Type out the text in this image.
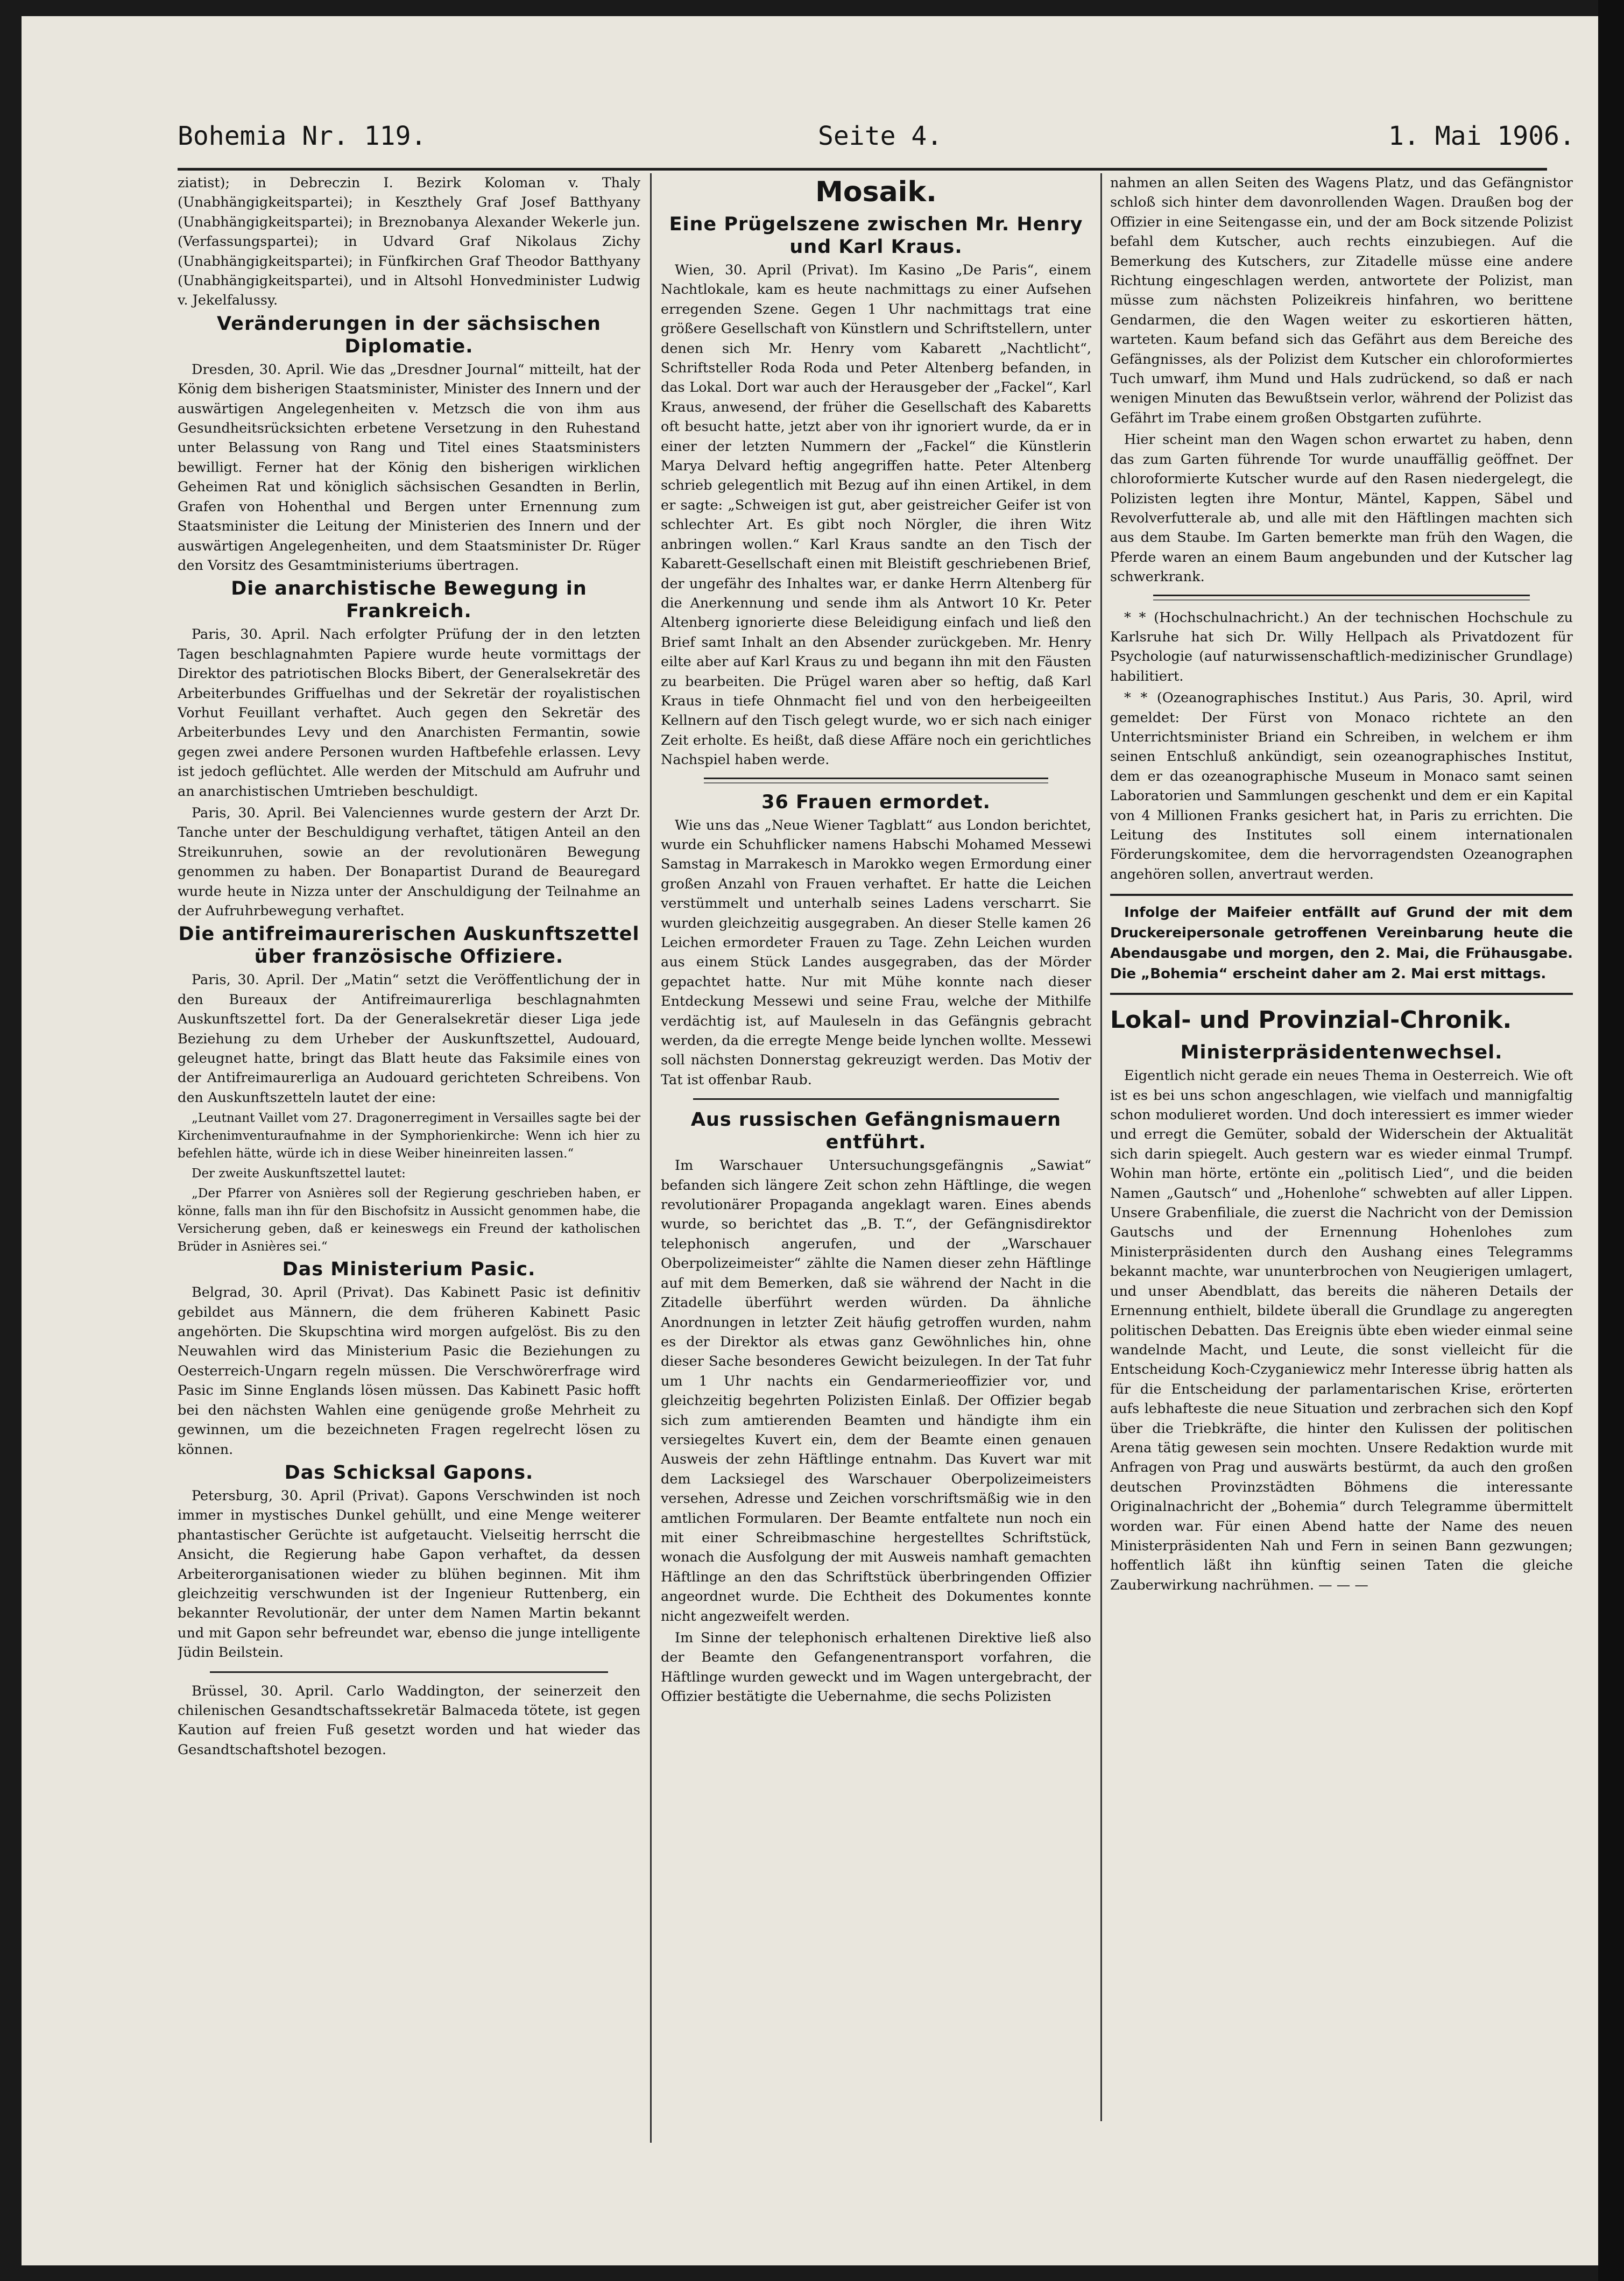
Bohemia Nr. 119.	Seite 4.	1. Mai 1906.

ziatist); in Debreczin I. Bezirk Koloman v. Thaly (Unabhängigkeitspartei); in Keszthely Graf Josef Batthyany (Unabhängigkeitspartei); in Breznobanya Alexander Wekerle jun. (Verfassungspartei); in Udvard Graf Nikolaus Zichy (Unabhängigkeitspartei); in Fünfkirchen Graf Theodor Batthyany (Unabhängigkeitspartei), und in Altsohl Honvedminister Ludwig v. Jekelfalussy.

Veränderungen in der sächsischen Diplomatie.

Dresden, 30. April. Wie das „Dresdner Journal“ mitteilt, hat der König dem bisherigen Staatsminister, Minister des Innern und der auswärtigen Angelegenheiten v. Metzsch die von ihm aus Gesundheitsrücksichten erbetene Versetzung in den Ruhestand unter Belassung von Rang und Titel eines Staatsministers bewilligt. Ferner hat der König den bisherigen wirklichen Geheimen Rat und königlich sächsischen Gesandten in Berlin, Grafen von Hohenthal und Bergen unter Ernennung zum Staatsminister die Leitung der Ministerien des Innern und der auswärtigen Angelegenheiten, und dem Staatsminister Dr. Rüger den Vorsitz des Gesamtministeriums übertragen.

Die anarchistische Bewegung in Frankreich.

Paris, 30. April. Nach erfolgter Prüfung der in den letzten Tagen beschlagnahmten Papiere wurde heute vormittags der Direktor des patriotischen Blocks Bibert, der Generalsekretär des Arbeiterbundes Griffuelhas und der Sekretär der royalistischen Vorhut Feuillant verhaftet. Auch gegen den Sekretär des Arbeiterbundes Levy und den Anarchisten Fermantin, sowie gegen zwei andere Personen wurden Haftbefehle erlassen. Levy ist jedoch geflüchtet. Alle werden der Mitschuld am Aufruhr und an anarchistischen Umtrieben beschuldigt.

Paris, 30. April. Bei Valenciennes wurde gestern der Arzt Dr. Tanche unter der Beschuldigung verhaftet, tätigen Anteil an den Streikunruhen, sowie an der revolutionären Bewegung genommen zu haben. Der Bonapartist Durand de Beauregard wurde heute in Nizza unter der Anschuldigung der Teilnahme an der Aufruhrbewegung verhaftet.

Die antifreimaurerischen Auskunftszettel über französische Offiziere.

Paris, 30. April. Der „Matin“ setzt die Veröffentlichung der in den Bureaux der Antifreimaurerliga beschlagnahmten Auskunftszettel fort. Da der Generalsekretär dieser Liga jede Beziehung zu dem Urheber der Auskunftszettel, Audouard, geleugnet hatte, bringt das Blatt heute das Faksimile eines von der Antifreimaurerliga an Audouard gerichteten Schreibens. Von den Auskunftszetteln lautet der eine:

„Leutnant Vaillet vom 27. Dragonerregiment in Versailles sagte bei der Kirchenimventuraufnahme in der Symphorienkirche: Wenn ich hier zu befehlen hätte, würde ich in diese Weiber hineinreiten lassen.“

Der zweite Auskunftszettel lautet:

„Der Pfarrer von Asnières soll der Regierung geschrieben haben, er könne, falls man ihn für den Bischofsitz in Aussicht genommen habe, die Versicherung geben, daß er keineswegs ein Freund der katholischen Brüder in Asnières sei.“

Das Ministerium Pasic.

Belgrad, 30. April (Privat). Das Kabinett Pasic ist definitiv gebildet aus Männern, die dem früheren Kabinett Pasic angehörten. Die Skupschtina wird morgen aufgelöst. Bis zu den Neuwahlen wird das Ministerium Pasic die Beziehungen zu Oesterreich-Ungarn regeln müssen. Die Verschwörerfrage wird Pasic im Sinne Englands lösen müssen. Das Kabinett Pasic hofft bei den nächsten Wahlen eine genügende große Mehrheit zu gewinnen, um die bezeichneten Fragen regelrecht lösen zu können.

Das Schicksal Gapons.

Petersburg, 30. April (Privat). Gapons Verschwinden ist noch immer in mystisches Dunkel gehüllt, und eine Menge weiterer phantastischer Gerüchte ist aufgetaucht. Vielseitig herrscht die Ansicht, die Regierung habe Gapon verhaftet, da dessen Arbeiterorganisationen wieder zu blühen beginnen. Mit ihm gleichzeitig verschwunden ist der Ingenieur Ruttenberg, ein bekannter Revolutionär, der unter dem Namen Martin bekannt und mit Gapon sehr befreundet war, ebenso die junge intelligente Jüdin Beilstein.

Brüssel, 30. April. Carlo Waddington, der seinerzeit den chilenischen Gesandtschaftssekretär Balmaceda tötete, ist gegen Kaution auf freien Fuß gesetzt worden und hat wieder das Gesandtschaftshotel bezogen.

Mosaik.
Eine Prügelszene zwischen Mr. Henry und Karl Kraus.

Wien, 30. April (Privat). Im Kasino „De Paris“, einem Nachtlokale, kam es heute nachmittags zu einer Aufsehen erregenden Szene. Gegen 1 Uhr nachmittags trat eine größere Gesellschaft von Künstlern und Schriftstellern, unter denen sich Mr. Henry vom Kabarett „Nachtlicht“, Schriftsteller Roda Roda und Peter Altenberg befanden, in das Lokal. Dort war auch der Herausgeber der „Fackel“, Karl Kraus, anwesend, der früher die Gesellschaft des Kabaretts oft besucht hatte, jetzt aber von ihr ignoriert wurde, da er in einer der letzten Nummern der „Fackel“ die Künstlerin Marya Delvard heftig angegriffen hatte. Peter Altenberg schrieb gelegentlich mit Bezug auf ihn einen Artikel, in dem er sagte: „Schweigen ist gut, aber geistreicher Geifer ist von schlechter Art. Es gibt noch Nörgler, die ihren Witz anbringen wollen.“ Karl Kraus sandte an den Tisch der Kabarett-Gesellschaft einen mit Bleistift geschriebenen Brief, der ungefähr des Inhaltes war, er danke Herrn Altenberg für die Anerkennung und sende ihm als Antwort 10 Kr. Peter Altenberg ignorierte diese Beleidigung einfach und ließ den Brief samt Inhalt an den Absender zurückgeben. Mr. Henry eilte aber auf Karl Kraus zu und begann ihn mit den Fäusten zu bearbeiten. Die Prügel waren aber so heftig, daß Karl Kraus in tiefe Ohnmacht fiel und von den herbeigeeilten Kellnern auf den Tisch gelegt wurde, wo er sich nach einiger Zeit erholte. Es heißt, daß diese Affäre noch ein gerichtliches Nachspiel haben werde.

36 Frauen ermordet.

Wie uns das „Neue Wiener Tagblatt“ aus London berichtet, wurde ein Schuhflicker namens Habschi Mohamed Messewi Samstag in Marrakesch in Marokko wegen Ermordung einer großen Anzahl von Frauen verhaftet. Er hatte die Leichen verstümmelt und unterhalb seines Ladens verscharrt. Sie wurden gleichzeitig ausgegraben. An dieser Stelle kamen 26 Leichen ermordeter Frauen zu Tage. Zehn Leichen wurden aus einem Stück Landes ausgegraben, das der Mörder gepachtet hatte. Nur mit Mühe konnte nach dieser Entdeckung Messewi und seine Frau, welche der Mithilfe verdächtig ist, auf Mauleseln in das Gefängnis gebracht werden, da die erregte Menge beide lynchen wollte. Messewi soll nächsten Donnerstag gekreuzigt werden. Das Motiv der Tat ist offenbar Raub.

Aus russischen Gefängnismauern entführt.

Im Warschauer Untersuchungsgefängnis „Sawiat“ befanden sich längere Zeit schon zehn Häftlinge, die wegen revolutionärer Propaganda angeklagt waren. Eines abends wurde, so berichtet das „B. T.“, der Gefängnisdirektor telephonisch angerufen, und der „Warschauer Oberpolizeimeister“ zählte die Namen dieser zehn Häftlinge auf mit dem Bemerken, daß sie während der Nacht in die Zitadelle überführt werden würden. Da ähnliche Anordnungen in letzter Zeit häufig getroffen wurden, nahm es der Direktor als etwas ganz Gewöhnliches hin, ohne dieser Sache besonderes Gewicht beizulegen. In der Tat fuhr um 1 Uhr nachts ein Gendarmerieoffizier vor, und gleichzeitig begehrten Polizisten Einlaß. Der Offizier begab sich zum amtierenden Beamten und händigte ihm ein versiegeltes Kuvert ein, dem der Beamte einen genauen Ausweis der zehn Häftlinge entnahm. Das Kuvert war mit dem Lacksiegel des Warschauer Oberpolizeimeisters versehen, Adresse und Zeichen vorschriftsmäßig wie in den amtlichen Formularen. Der Beamte entfaltete nun noch ein mit einer Schreibmaschine hergestelltes Schriftstück, wonach die Ausfolgung der mit Ausweis namhaft gemachten Häftlinge an den das Schriftstück überbringenden Offizier angeordnet wurde. Die Echtheit des Dokumentes konnte nicht angezweifelt werden.

Im Sinne der telephonisch erhaltenen Direktive ließ also der Beamte den Gefangenentransport vorfahren, die Häftlinge wurden geweckt und im Wagen untergebracht, der Offizier bestätigte die Uebernahme, die sechs Polizisten

nahmen an allen Seiten des Wagens Platz, und das Gefängnistor schloß sich hinter dem davonrollenden Wagen. Draußen bog der Offizier in eine Seitengasse ein, und der am Bock sitzende Polizist befahl dem Kutscher, auch rechts einzubiegen. Auf die Bemerkung des Kutschers, zur Zitadelle müsse eine andere Richtung eingeschlagen werden, antwortete der Polizist, man müsse zum nächsten Polizeikreis hinfahren, wo berittene Gendarmen, die den Wagen weiter zu eskortieren hätten, warteten. Kaum befand sich das Gefährt aus dem Bereiche des Gefängnisses, als der Polizist dem Kutscher ein chloroformiertes Tuch umwarf, ihm Mund und Hals zudrückend, so daß er nach wenigen Minuten das Bewußtsein verlor, während der Polizist das Gefährt im Trabe einem großen Obstgarten zuführte.

Hier scheint man den Wagen schon erwartet zu haben, denn das zum Garten führende Tor wurde unauffällig geöffnet. Der chloroformierte Kutscher wurde auf den Rasen niedergelegt, die Polizisten legten ihre Montur, Mäntel, Kappen, Säbel und Revolverfutterale ab, und alle mit den Häftlingen machten sich aus dem Staube. Im Garten bemerkte man früh den Wagen, die Pferde waren an einem Baum angebunden und der Kutscher lag schwerkrank.

* * (Hochschulnachricht.) An der technischen Hochschule zu Karlsruhe hat sich Dr. Willy Hellpach als Privatdozent für Psychologie (auf naturwissenschaftlich-medizinischer Grundlage) habilitiert.

* * (Ozeanographisches Institut.) Aus Paris, 30. April, wird gemeldet: Der Fürst von Monaco richtete an den Unterrichtsminister Briand ein Schreiben, in welchem er ihm seinen Entschluß ankündigt, sein ozeanographisches Institut, dem er das ozeanographische Museum in Monaco samt seinen Laboratorien und Sammlungen geschenkt und dem er ein Kapital von 4 Millionen Franks gesichert hat, in Paris zu errichten. Die Leitung des Institutes soll einem internationalen Förderungskomitee, dem die hervorragendsten Ozeanographen angehören sollen, anvertraut werden.

Infolge der Maifeier entfällt auf Grund der mit dem Druckereipersonale getroffenen Vereinbarung heute die Abendausgabe und morgen, den 2. Mai, die Frühausgabe. Die „Bohemia“ erscheint daher am 2. Mai erst mittags.

Lokal- und Provinzial-Chronik.
Ministerpräsidentenwechsel.

Eigentlich nicht gerade ein neues Thema in Oesterreich. Wie oft ist es bei uns schon angeschlagen, wie vielfach und mannigfaltig schon modulieret worden. Und doch interessiert es immer wieder und erregt die Gemüter, sobald der Widerschein der Aktualität sich darin spiegelt. Auch gestern war es wieder einmal Trumpf. Wohin man hörte, ertönte ein „politisch Lied“, und die beiden Namen „Gautsch“ und „Hohenlohe“ schwebten auf aller Lippen. Unsere Grabenfiliale, die zuerst die Nachricht von der Demission Gautschs und der Ernennung Hohenlohes zum Ministerpräsidenten durch den Aushang eines Telegramms bekannt machte, war ununterbrochen von Neugierigen umlagert, und unser Abendblatt, das bereits die näheren Details der Ernennung enthielt, bildete überall die Grundlage zu angeregten politischen Debatten. Das Ereignis übte eben wieder einmal seine wandelnde Macht, und Leute, die sonst vielleicht für die Entscheidung Koch-Czyganiewicz mehr Interesse übrig hatten als für die Entscheidung der parlamentarischen Krise, erörterten aufs lebhafteste die neue Situation und zerbrachen sich den Kopf über die Triebkräfte, die hinter den Kulissen der politischen Arena tätig gewesen sein mochten. Unsere Redaktion wurde mit Anfragen von Prag und auswärts bestürmt, da auch den großen deutschen Provinzstädten Böhmens die interessante Originalnachricht der „Bohemia“ durch Telegramme übermittelt worden war. Für einen Abend hatte der Name des neuen Ministerpräsidenten Nah und Fern in seinen Bann gezwungen; hoffentlich läßt ihn künftig seinen Taten die gleiche Zauberwirkung nachrühmen. — — —
